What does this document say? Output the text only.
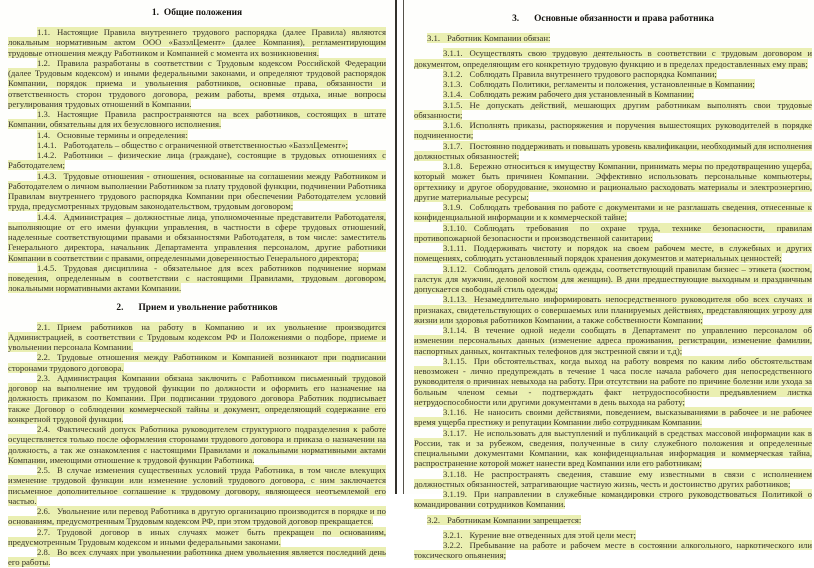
1. Общие положения

1.1. Настоящие Правила внутреннего трудового распорядка (далее Правила) являются локальным нормативным актом ООО «БазэлЦемент» (далее Компания), регламентирующим трудовые отношения между Работником и Компанией с момента их возникновения.

1.2. Правила разработаны в соответствии с Трудовым кодексом Российской Федерации (далее Трудовым кодексом) и иными федеральными законами, и определяют трудовой распорядок Компании, порядок приема и увольнения работников, основные права, обязанности и ответственность сторон трудового договора, режим работы, время отдыха, иные вопросы регулирования трудовых отношений в Компании.

1.3. Настоящие Правила распространяются на всех работников, состоящих в штате Компании, обязательны для их безусловного исполнения.

1.4. Основные термины и определения:

1.4.1. Работодатель – общество с ограниченной ответственностью «БазэлЦемент»;

1.4.2. Работники – физические лица (граждане), состоящие в трудовых отношениях с Работодателем;

1.4.3. Трудовые отношения - отношения, основанные на соглашении между Работником и Работодателем о личном выполнении Работником за плату трудовой функции, подчинении Работника Правилам внутреннего трудового распорядка Компании при обеспечении Работодателем условий труда, предусмотренных трудовым законодательством, трудовым договором;

1.4.4. Администрация – должностные лица, уполномоченные представители Работодателя, выполняющие от его имени функции управления, в частности в сфере трудовых отношений, наделенные соответствующими правами и обязанностями Работодателя, в том числе: заместитель Генерального директора, начальник Департамента управления персоналом, другие работники Компании в соответствии с правами, определенными доверенностью Генерального директора;

1.4.5. Трудовая дисциплина - обязательное для всех работников подчинение нормам поведения, определенным в соответствии с настоящими Правилами, трудовым договором, локальными нормативными актами Компании.

2. Прием и увольнение работников

2.1. Прием работников на работу в Компанию и их увольнение производится Администрацией, в соответствии с Трудовым кодексом РФ и Положениями о подборе, приеме и увольнении персонала Компании.

2.2. Трудовые отношения между Работником и Компанией возникают при подписании сторонами трудового договора.

2.3. Администрация Компании обязана заключить с Работником письменный трудовой договор на выполнение им трудовой функции по должности и оформить его назначение на должность приказом по Компании. При подписании трудового договора Работник подписывает также Договор о соблюдении коммерческой тайны и документ, определяющий содержание его конкретной трудовой функции.

2.4. Фактический допуск Работника руководителем структурного подразделения к работе осуществляется только после оформления сторонами трудового договора и приказа о назначении на должность, а так же ознакомления с настоящими Правилами и локальными нормативными актами Компании, имеющими отношение к трудовой функции Работника.

2.5. В случае изменения существенных условий труда Работника, в том числе влекущих изменение трудовой функции или изменение условий трудового договора, с ним заключается письменное дополнительное соглашение к трудовому договору, являющееся неотъемлемой его частью.

2.6. Увольнение или перевод Работника в другую организацию производится в порядке и по основаниям, предусмотренным Трудовым кодексом РФ, при этом трудовой договор прекращается.

2.7. Трудовой договор в иных случаях может быть прекращен по основаниям, предусмотренным Трудовым кодексом и иными федеральными законами.

2.8. Во всех случаях при увольнении работника днем увольнения является последний день его работы.

3. Основные обязанности и права работника

3.1. Работник Компании обязан:

3.1.1. Осуществлять свою трудовую деятельность в соответствии с трудовым договором и документом, определяющим его конкретную трудовую функцию и в пределах предоставленных ему прав;

3.1.2. Соблюдать Правила внутреннего трудового распорядка Компании;

3.1.3. Соблюдать Политики, регламенты и положения, установленные в Компании;

3.1.4. Соблюдать режим рабочего дня установленный в Компании;

3.1.5. Не допускать действий, мешающих другим работникам выполнять свои трудовые обязанности;

3.1.6. Исполнять приказы, распоряжения и поручения вышестоящих руководителей в порядке подчиненности;

3.1.7. Постоянно поддерживать и повышать уровень квалификации, необходимый для исполнения должностных обязанностей;

3.1.8. Бережно относиться к имуществу Компании, принимать меры по предотвращению ущерба, который может быть причинен Компании. Эффективно использовать персональные компьютеры, оргтехнику и другое оборудование, экономно и рационально расходовать материалы и электроэнергию, другие материальные ресурсы;

3.1.9. Соблюдать требования по работе с документами и не разглашать сведения, отнесенные к конфиденциальной информации и к коммерческой тайне;

3.1.10. Соблюдать требования по охране труда, технике безопасности, правилам противопожарной безопасности и производственной санитарии;

3.1.11. Поддерживать чистоту и порядок на своем рабочем месте, в служебных и других помещениях, соблюдать установленный порядок хранения документов и материальных ценностей;

3.1.12. Соблюдать деловой стиль одежды, соответствующий правилам бизнес – этикета (костюм, галстук для мужчин, деловой костюм для женщин). В дни предшествующие выходным и праздничным допускается свободный стиль одежды;

3.1.13. Незамедлительно информировать непосредственного руководителя обо всех случаях и признаках, свидетельствующих о совершаемых или планируемых действиях, представляющих угрозу для жизни или здоровья работников Компании, а также собственности Компании;

3.1.14. В течение одной недели сообщать в Департамент по управлению персоналом об изменении персональных данных (изменение адреса проживания, регистрации, изменение фамилии, паспортных данных, контактных телефонов для экстренной связи и т.д);

3.1.15. При обстоятельствах, когда выход на работу вовремя по каким либо обстоятельствам невозможен - лично предупреждать в течение 1 часа после начала рабочего дня непосредственного руководителя о причинах невыхода на работу. При отсутствии на работе по причине болезни или ухода за больным членом семьи - подтверждать факт нетрудоспособности предъявлением листка нетрудоспособности или другими документами в день выхода на работу;

3.1.16. Не наносить своими действиями, поведением, высказываниями в рабочее и не рабочее время ущерба престижу и репутации Компании либо сотрудникам Компании.

3.1.17. Не использовать для выступлений и публикаций в средствах массовой информации как в России, так и за рубежом, сведения, полученные в силу служебного положения и определенные специальными документами Компании, как конфиденциальная информация и коммерческая тайна, распространение которой может нанести вред Компании или его работникам;

3.1.18. Не распространять сведения, ставшие ему известными в связи с исполнением должностных обязанностей, затрагивающие частную жизнь, честь и достоинство других работников;

3.1.19. При направлении в служебные командировки строго руководствоваться Политикой о командировании сотрудников Компании.

3.2. Работникам Компании запрещается:

3.2.1. Курение вне отведенных для этой цели мест;

3.2.2. Пребывание на работе и рабочем месте в состоянии алкогольного, наркотического или токсического опьянения;
